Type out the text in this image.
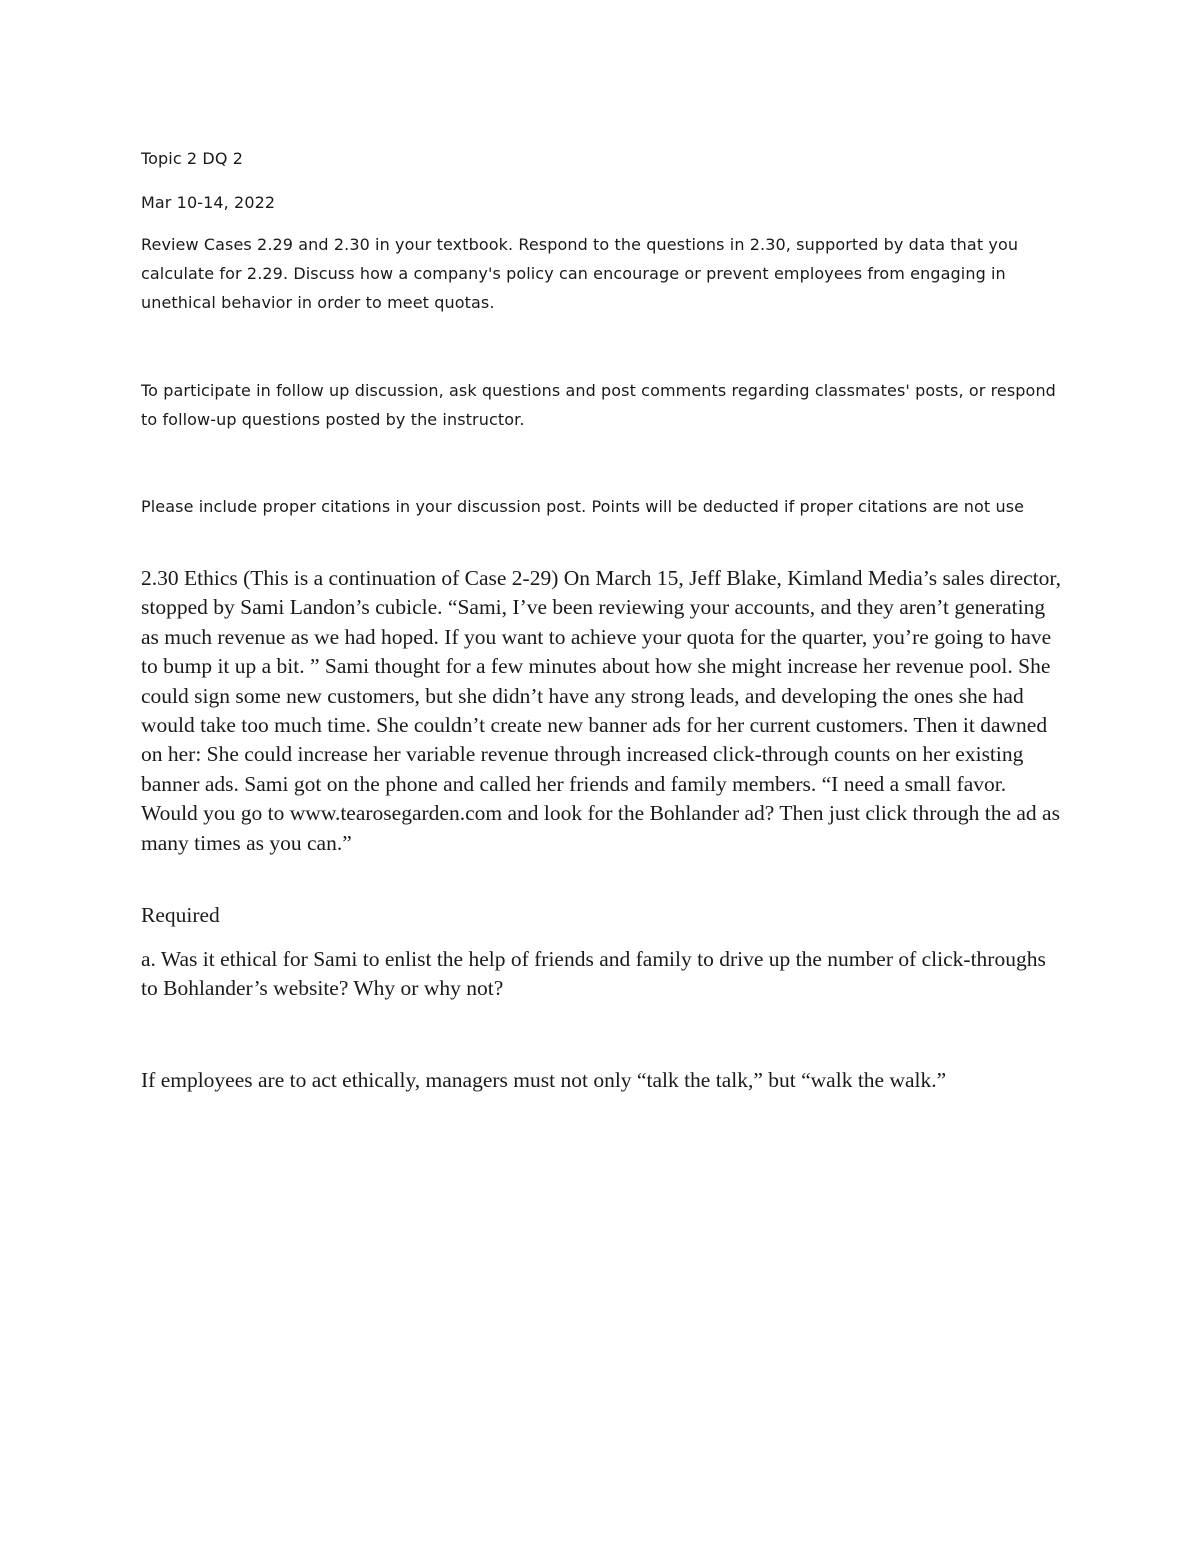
Topic 2 DQ 2

Mar 10-14, 2022

Review Cases 2.29 and 2.30 in your textbook. Respond to the questions in 2.30, supported by data that you calculate for 2.29. Discuss how a company's policy can encourage or prevent employees from engaging in unethical behavior in order to meet quotas.

To participate in follow up discussion, ask questions and post comments regarding classmates' posts, or respond to follow-up questions posted by the instructor.

Please include proper citations in your discussion post. Points will be deducted if proper citations are not use

2.30 Ethics (This is a continuation of Case 2-29) On March 15, Jeff Blake, Kimland Media’s sales director, stopped by Sami Landon’s cubicle. “Sami, I’ve been reviewing your accounts, and they aren’t generating as much revenue as we had hoped. If you want to achieve your quota for the quarter, you’re going to have to bump it up a bit. ” Sami thought for a few minutes about how she might increase her revenue pool. She could sign some new customers, but she didn’t have any strong leads, and developing the ones she had would take too much time. She couldn’t create new banner ads for her current customers. Then it dawned on her: She could increase her variable revenue through increased click-through counts on her existing banner ads. Sami got on the phone and called her friends and family members. “I need a small favor. Would you go to www.tearosegarden.com and look for the Bohlander ad? Then just click through the ad as many times as you can.”

Required

a. Was it ethical for Sami to enlist the help of friends and family to drive up the number of click-throughs to Bohlander’s website? Why or why not?

If employees are to act ethically, managers must not only “talk the talk,” but “walk the walk.”
